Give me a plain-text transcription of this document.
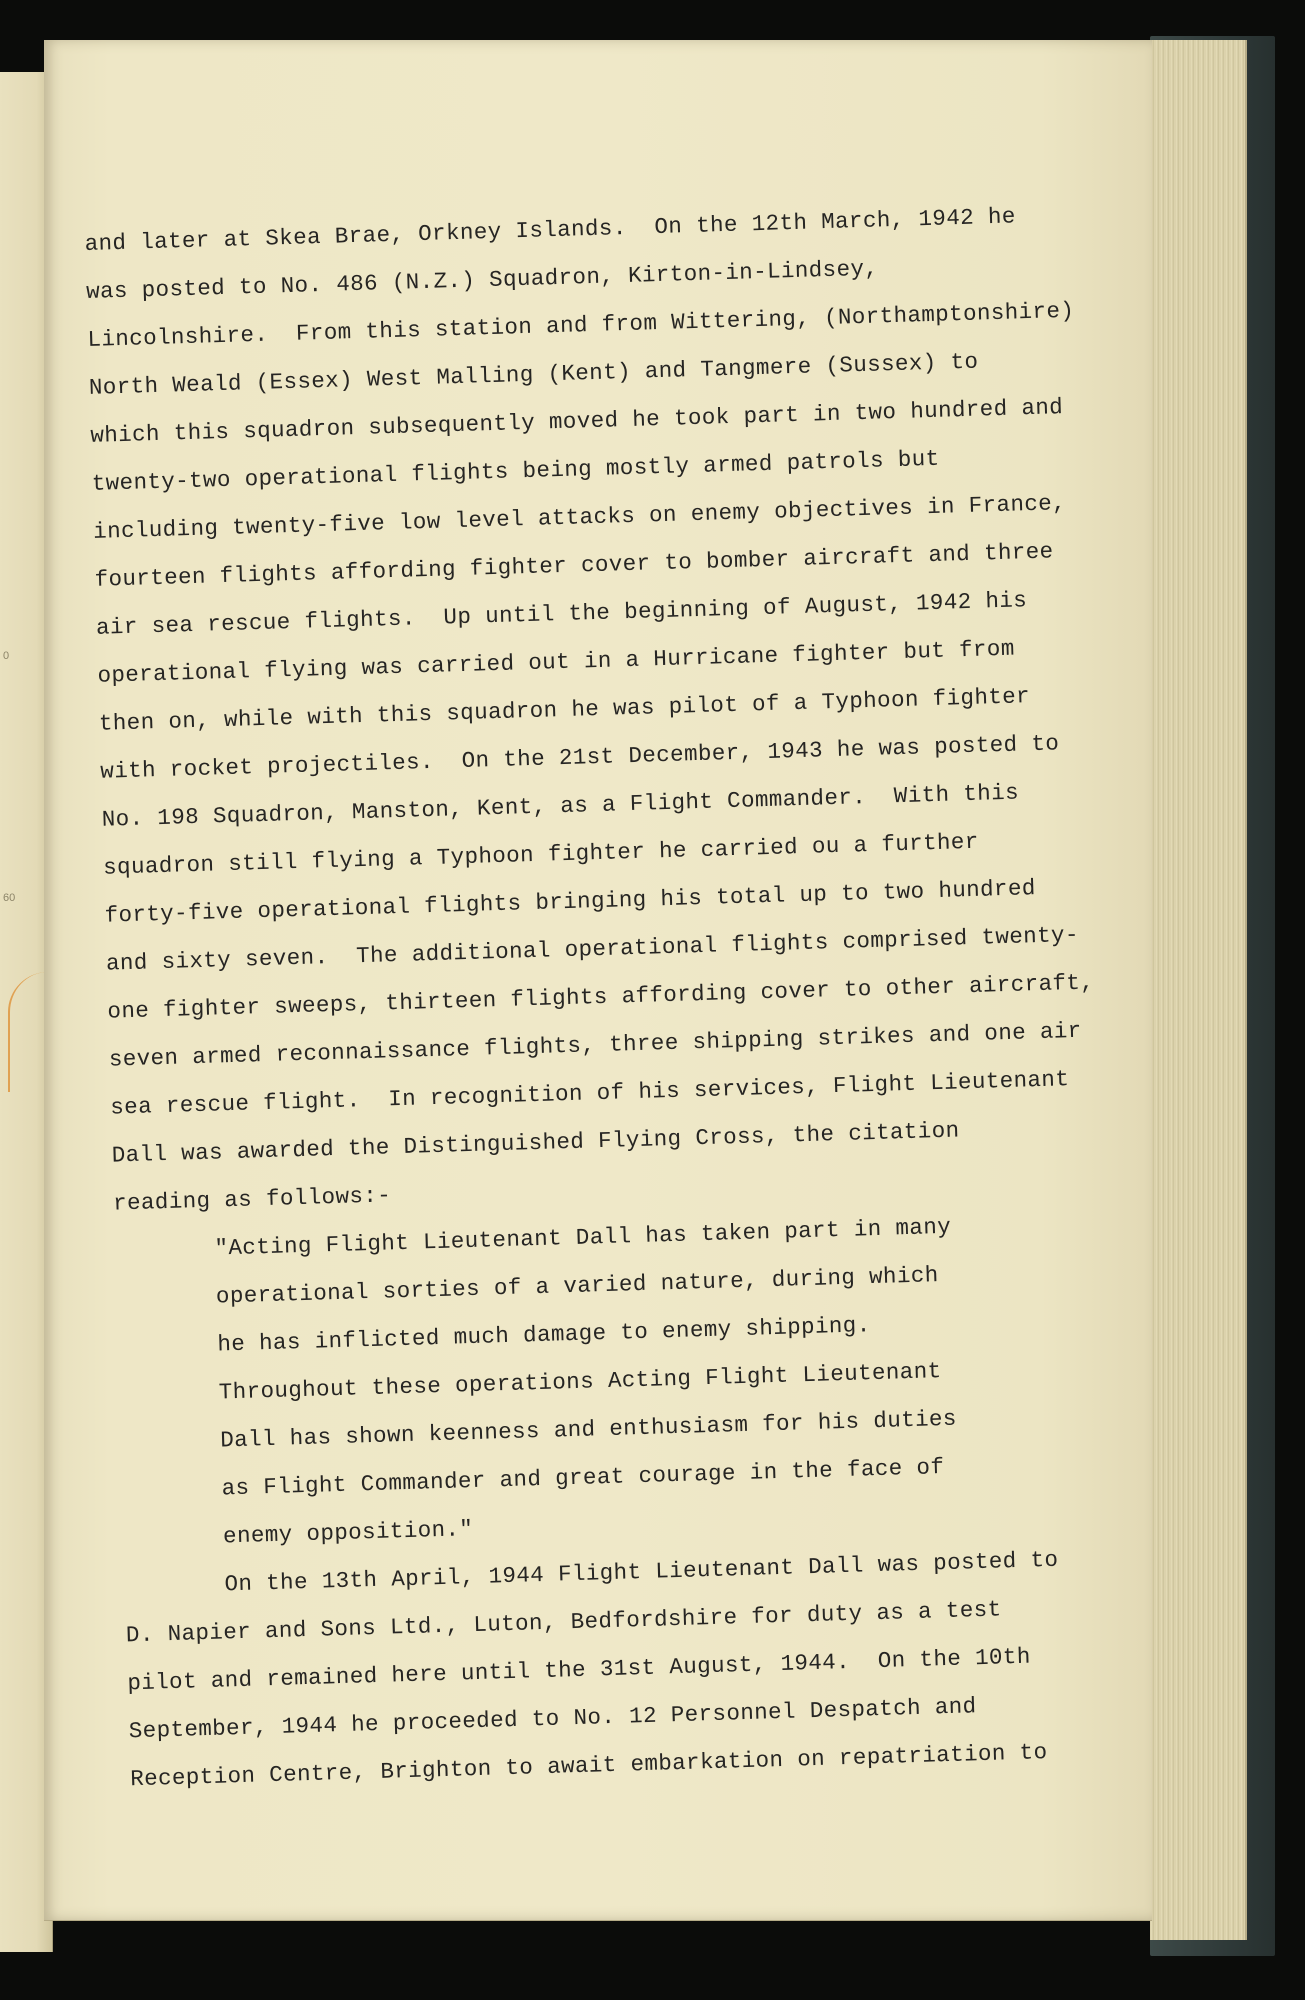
0
60
and later at Skea Brae, Orkney Islands.  On the 12th March, 1942 he
was posted to No. 486 (N.Z.) Squadron, Kirton-in-Lindsey,
Lincolnshire.  From this station and from Wittering, (Northamptonshire)
North Weald (Essex) West Malling (Kent) and Tangmere (Sussex) to
which this squadron subsequently moved he took part in two hundred and
twenty-two operational flights being mostly armed patrols but
including twenty-five low level attacks on enemy objectives in France,
fourteen flights affording fighter cover to bomber aircraft and three
air sea rescue flights.  Up until the beginning of August, 1942 his
operational flying was carried out in a Hurricane fighter but from
then on, while with this squadron he was pilot of a Typhoon fighter
with rocket projectiles.  On the 21st December, 1943 he was posted to
No. 198 Squadron, Manston, Kent, as a Flight Commander.  With this
squadron still flying a Typhoon fighter he carried ou a further
forty-five operational flights bringing his total up to two hundred
and sixty seven.  The additional operational flights comprised twenty-
one fighter sweeps, thirteen flights affording cover to other aircraft,
seven armed reconnaissance flights, three shipping strikes and one air
sea rescue flight.  In recognition of his services, Flight Lieutenant
Dall was awarded the Distinguished Flying Cross, the citation
reading as follows:-
"Acting Flight Lieutenant Dall has taken part in many
operational sorties of a varied nature, during which
he has inflicted much damage to enemy shipping.
Throughout these operations Acting Flight Lieutenant
Dall has shown keenness and enthusiasm for his duties
as Flight Commander and great courage in the face of
enemy opposition."
On the 13th April, 1944 Flight Lieutenant Dall was posted to
D. Napier and Sons Ltd., Luton, Bedfordshire for duty as a test
pilot and remained here until the 31st August, 1944.  On the 10th
September, 1944 he proceeded to No. 12 Personnel Despatch and
Reception Centre, Brighton to await embarkation on repatriation to
